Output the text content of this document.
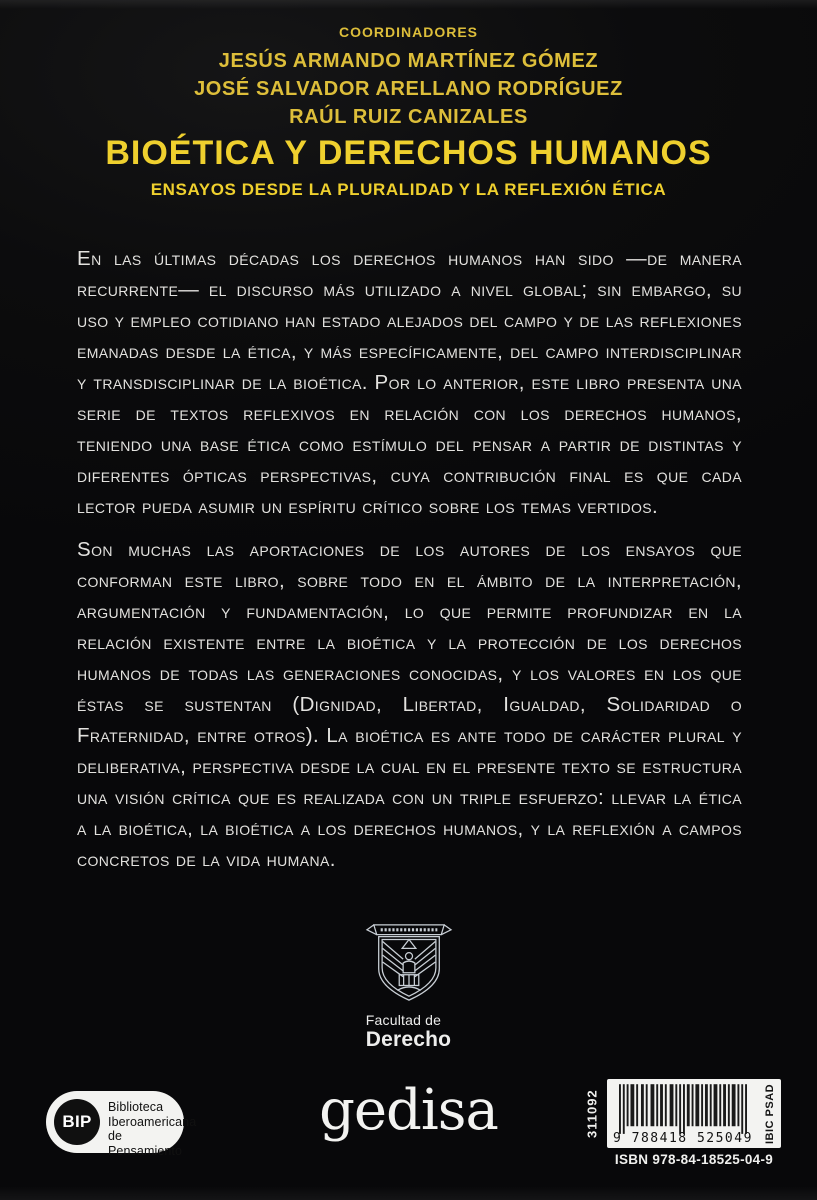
COORDINADORES
JESÚS ARMANDO MARTÍNEZ GÓMEZ
JOSÉ SALVADOR ARELLANO RODRÍGUEZ
RAÚL RUIZ CANIZALES
BIOÉTICA Y DERECHOS HUMANOS
ENSAYOS DESDE LA PLURALIDAD Y LA REFLEXIÓN ÉTICA

En las últimas décadas los derechos humanos han sido —de manera recurrente— el discurso más utilizado a nivel global; sin embargo, su uso y empleo cotidiano han estado alejados del campo y de las reflexiones emanadas desde la ética, y más específicamente, del campo interdisciplinar y transdisciplinar de la bioética. Por lo anterior, este libro presenta una serie de textos reflexivos en relación con los derechos humanos, teniendo una base ética como estímulo del pensar a partir de distintas y diferentes ópticas perspectivas, cuya contribución final es que cada lector pueda asumir un espíritu crítico sobre los temas vertidos.

Son muchas las aportaciones de los autores de los ensayos que conforman este libro, sobre todo en el ámbito de la interpretación, argumentación y fundamentación, lo que permite profundizar en la relación existente entre la bioética y la protección de los derechos humanos de todas las generaciones conocidas, y los valores en los que éstas se sustentan (Dignidad, Libertad, Igualdad, Solidaridad o Fraternidad, entre otros). La bioética es ante todo de carácter plural y deliberativa, perspectiva desde la cual en el presente texto se estructura una visión crítica que es realizada con un triple esfuerzo: llevar la ética a la bioética, la bioética a los derechos humanos, y la reflexión a campos concretos de la vida humana.

Facultad de
Derecho
BIP
Biblioteca
Iberoamericana
de Pensamiento
gedisa	311092
9 788418 525049 IBIC PSAD
ISBN 978-84-18525-04-9
